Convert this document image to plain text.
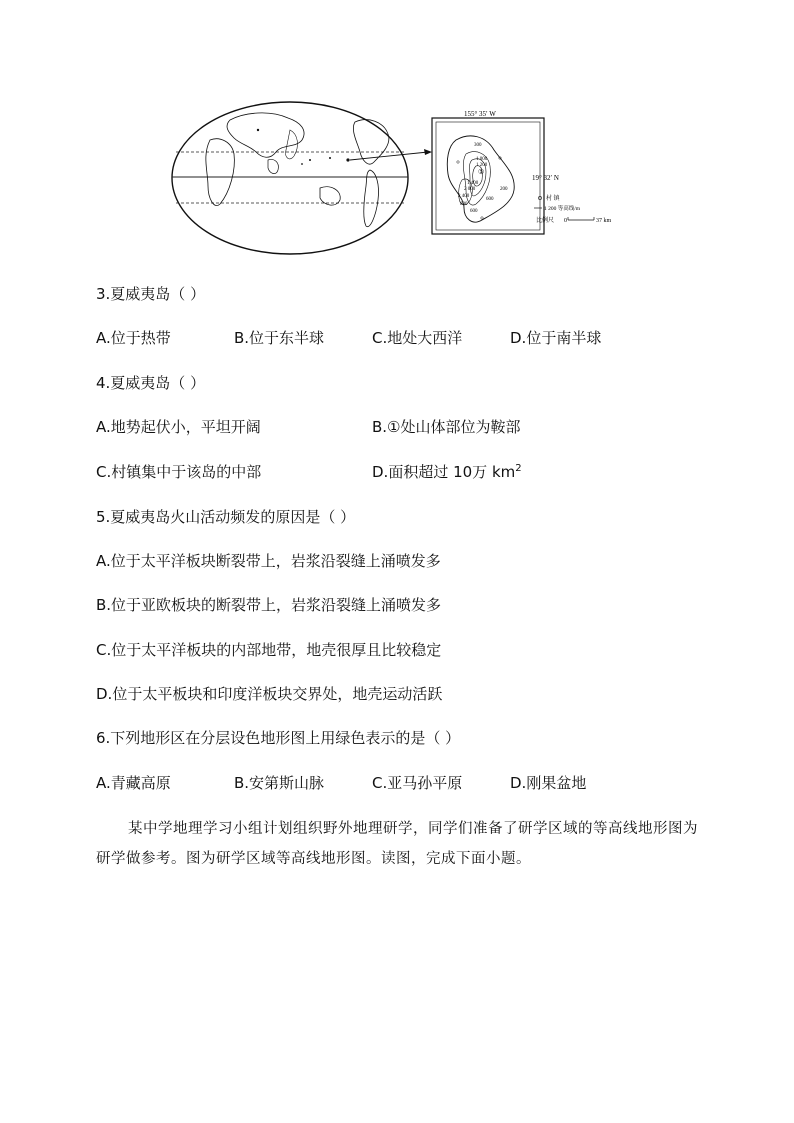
155° 35′ W
19° 32′ N
300
1 000
1 200
1 400
200
2 000
2 400
600
800
600
①
村 镇
1 200 等高线/m
比例尺 0	37 km
3.夏威夷岛（ ）
A.位于热带	B.位于东半球	C.地处大西洋	D.位于南半球
4.夏威夷岛（ ）
A.地势起伏小，平坦开阔	B.①处山体部位为鞍部
C.村镇集中于该岛的中部	D.面积超过 10万 $km^2$
5.夏威夷岛火山活动频发的原因是（ ）
A.位于太平洋板块断裂带上，岩浆沿裂缝上涌喷发多
B.位于亚欧板块的断裂带上，岩浆沿裂缝上涌喷发多
C.位于太平洋板块的内部地带，地壳很厚且比较稳定
D.位于太平板块和印度洋板块交界处，地壳运动活跃
6.下列地形区在分层设色地形图上用绿色表示的是（ ）
A.青藏高原	B.安第斯山脉	C.亚马孙平原	D.刚果盆地
某中学地理学习小组计划组织野外地理研学，同学们准备了研学区域的等高线地形图为研学做参考。图为研学区域等高线地形图。读图，完成下面小题。
